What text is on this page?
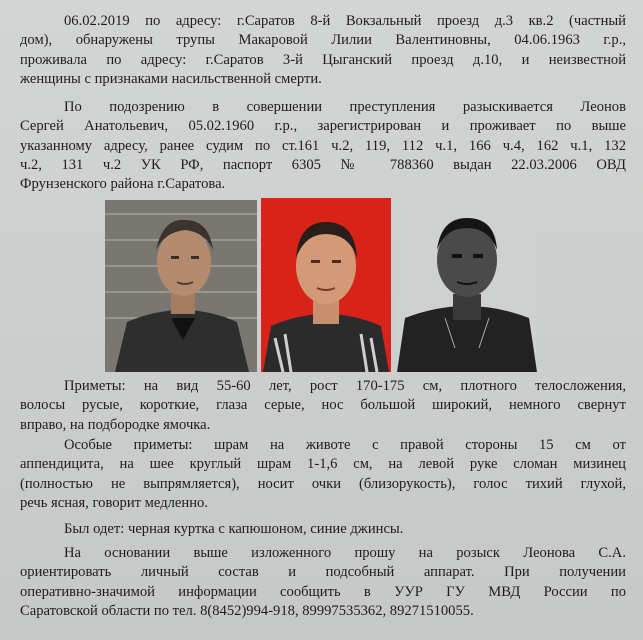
06.02.2019 по адресу: г.Саратов 8-й Вокзальный проезд д.3 кв.2 (частный
дом), обнаружены трупы Макаровой Лилии Валентиновны, 04.06.1963 г.р.,
проживала по адресу: г.Саратов 3-й Цыганский проезд д.10, и неизвестной
женщины с признаками насильственной смерти.
По подозрению в совершении преступления разыскивается Леонов
Сергей Анатольевич, 05.02.1960 г.р., зарегистрирован и проживает по выше
указанному адресу, ранее судим по ст.161 ч.2, 119, 112 ч.1, 166 ч.4, 162 ч.1, 132
ч.2, 131 ч.2 УК РФ, паспорт 6305 № 788360 выдан 22.03.2006 ОВД
Фрунзенского района г.Саратова.
Приметы: на вид 55-60 лет, рост 170-175 см, плотного телосложения,
волосы русые, короткие, глаза серые, нос большой широкий, немного свернут
вправо, на подбородке ямочка.
Особые приметы: шрам на животе с правой стороны 15 см от
аппендицита, на шее круглый шрам 1-1,6 см, на левой руке сломан мизинец
(полностью не выпрямляется), носит очки (близорукость), голос тихий глухой,
речь ясная, говорит медленно.
Был одет: черная куртка с капюшоном, синие джинсы.
На основании выше изложенного прошу на розыск Леонова С.А.
ориентировать личный состав и подсобный аппарат. При получении
оперативно-значимой информации сообщить в УУР ГУ МВД России по
Саратовской области по тел. 8(8452)994-918, 89997535362, 89271510055.
